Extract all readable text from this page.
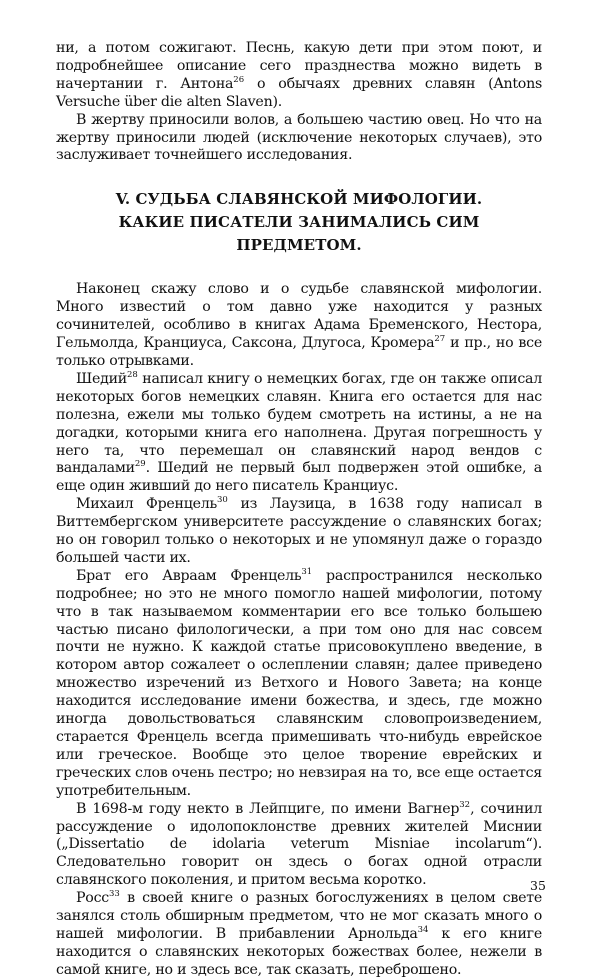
ни, а потом сожигают. Песнь, какую дети при этом поют, и подробнейшее описание сего празднества можно видеть в начертании г. Антона$^{26}$ о обычаях древних славян (Antons Versuche über die alten Slaven).

В жертву приносили волов, а большею частию овец. Но что на жертву приносили людей (исключение некоторых случаев), это заслуживает точнейшего исследования.

V. СУДЬБА СЛАВЯНСКОЙ МИФОЛОГИИ.
КАКИЕ ПИСАТЕЛИ ЗАНИМАЛИСЬ СИМ ПРЕДМЕТОМ.

Наконец скажу слово и о судьбе славянской мифологии. Много известий о том давно уже находится у разных сочинителей, особливо в книгах Адама Бременского, Нестора, Гельмолда, Кранциуса, Саксона, Длугоса, Кромера$^{27}$ и пр., но все только отрывками.

Шедий$^{28}$ написал книгу о немецких богах, где он также описал некоторых богов немецких славян. Книга его остается для нас полезна, ежели мы только будем смотреть на истины, а не на догадки, которыми книга его наполнена. Другая погрешность у него та, что перемешал он славянский народ вендов с вандалами$^{29}$. Шедий не первый был подвержен этой ошибке, а еще один живший до него писатель Кранциус.

Михаил Френцель$^{30}$ из Лаузица, в 1638 году написал в Виттембергском университете рассуждение о славянских богах; но он говорил только о некоторых и не упомянул даже о гораздо большей части их.

Брат его Авраам Френцель$^{31}$ распространился несколько подробнее; но это не много помогло нашей мифологии, потому что в так называемом комментарии его все только большею частью писано филологически, а при том оно для нас совсем почти не нужно. К каждой статье присовокуплено введение, в котором автор сожалеет о ослеплении славян; далее приведено множество изречений из Ветхого и Нового Завета; на конце находится исследование имени божества, и здесь, где можно иногда довольствоваться славянским словопроизведением, старается Френцель всегда примешивать что-нибудь еврейское или греческое. Вообще это целое творение еврейских и греческих слов очень пестро; но невзирая на то, все еще остается употребительным.

В 1698-м году некто в Лейпциге, по имени Вагнер$^{32}$, сочинил рассуждение о идолопоклонстве древних жителей Миснии („Dissertatio de idolaria veterum Misniae incolarum“). Следовательно говорит он здесь о богах одной отрасли славянского поколения, и притом весьма коротко.

Росс$^{33}$ в своей книге о разных богослужениях в целом свете занялся столь обширным предметом, что не мог сказать много о нашей мифологии. В прибавлении Арнольда$^{34}$ к его книге находится о славянских некоторых божествах более, нежели в самой книге, но и здесь все, так сказать, переброшено.

35
